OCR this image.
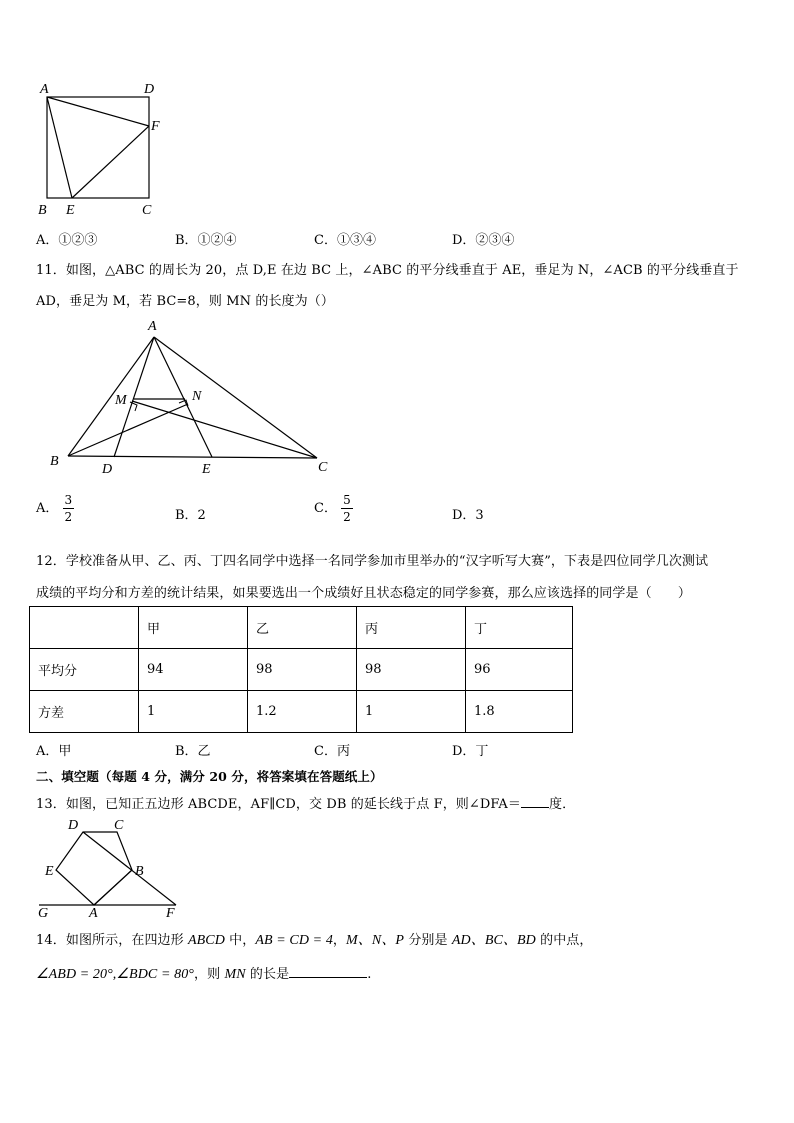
A	D
F
B E	C
A．①②③	B．①②④	C．①③④	D．②③④
11．如图，△ABC 的周长为 20，点 D,E 在边 BC 上，∠ABC 的平分线垂直于 AE，垂足为 N，∠ACB 的平分线垂直于
AD，垂足为 M，若 BC=8，则 MN 的长度为（）
A
M	N
B
D	E	C
A． $\frac{3}{2}$	B．2	C． $\frac{5}{2}$	D．3
12．学校准备从甲、乙、丙、丁四名同学中选择一名同学参加市里举办的“汉字听写大赛”，下表是四位同学几次测试
成绩的平均分和方差的统计结果，如果要选出一个成绩好且状态稳定的同学参赛，那么应该选择的同学是（　　）
	甲	乙	丙	丁
平均分	94	98	98	96
方差	1	1.2	1	1.8
A．甲	B．乙	C．丙	D．丁
二、填空题（每题 4 分，满分 20 分，将答案填在答题纸上）
13．如图，已知正五边形 ABCDE，AF∥CD，交 DB 的延长线于点 F，则∠DFA＝ 度．
D	C
E	B
G	A	F
14．如图所示，在四边形 ABCD 中，AB = CD = 4，M、N、P 分别是 AD、BC、BD 的中点，
∠ABD = 20°,∠BDC = 80°，则 MN 的长是	.
